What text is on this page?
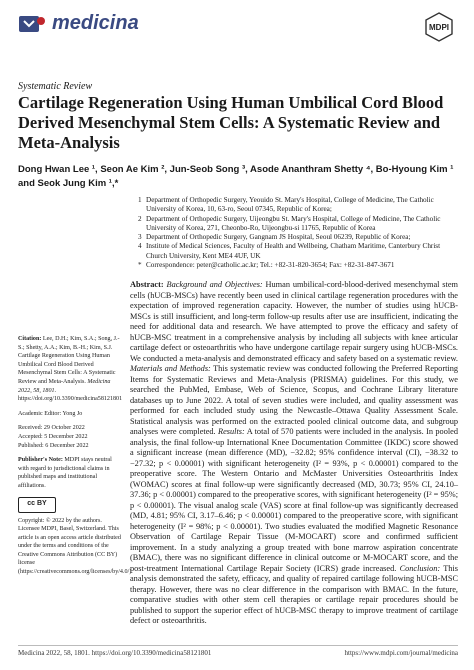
medicina	MDPI
Systematic Review
Cartilage Regeneration Using Human Umbilical Cord Blood Derived Mesenchymal Stem Cells: A Systematic Review and Meta-Analysis

Dong Hwan Lee ¹, Seon Ae Kim ², Jun-Seob Song ³, Asode Ananthram Shetty ⁴, Bo-Hyoung Kim ¹
and Seok Jung Kim ¹,*

1 Department of Orthopedic Surgery, Yeouido St. Mary's Hospital, College of Medicine, The Catholic University of Korea, 10, 63-ro, Seoul 07345, Republic of Korea;
2 Department of Orthopedic Surgery, Uijeongbu St. Mary's Hospital, College of Medicine, The Catholic University of Korea, 271, Cheonbo-Ro, Uijeongbu-si 11765, Republic of Korea
3 Department of Orthopedic Surgery, Gangnam JS Hospital, Seoul 06239, Republic of Korea;
4 Institute of Medical Sciences, Faculty of Health and Wellbeing, Chatham Maritime, Canterbury Christ Church University, Kent ME4 4UF, UK
* Correspondence: peter@catholic.ac.kr; Tel.: +82-31-820-3654; Fax: +82-31-847-3671

Abstract: Background and Objectives: Human umbilical-cord-blood-derived mesenchymal stem cells (hUCB-MSCs) have recently been used in clinical cartilage regeneration procedures with the expectation of improved regeneration capacity. However, the number of studies using hUCB-MSCs is still insufficient, and long-term follow-up results after use are insufficient, indicating the need for additional data and research. We have attempted to prove the efficacy and safety of hUCB-MSC treatment in a comprehensive analysis by including all subjects with knee articular cartilage defect or osteoarthritis who have undergone cartilage repair surgery using hUCB-MSCs. We conducted a meta-analysis and demonstrated efficacy and safety based on a systematic review. Materials and Methods: This systematic review was conducted following the Preferred Reporting Items for Systematic Reviews and Meta-Analysis (PRISMA) guidelines. For this study, we searched the PubMed, Embase, Web of Science, Scopus, and Cochrane Library literature databases up to June 2022. A total of seven studies were included, and quality assessment was performed for each included study using the Newcastle–Ottawa Quality Assessment Scale. Statistical analysis was performed on the extracted pooled clinical outcome data, and subgroup analyses were completed. Results: A total of 570 patients were included in the analysis. In pooled analysis, the final follow-up International Knee Documentation Committee (IKDC) score showed a significant increase (mean difference (MD), −32.82; 95% confidence interval (CI), −38.32 to −27.32; p < 0.00001) with significant heterogeneity (I² = 93%, p < 0.00001) compared to the preoperative score. The Western Ontario and McMaster Universities Osteoarthritis Index (WOMAC) scores at final follow-up were significantly decreased (MD, 30.73; 95% CI, 24.10–37.36; p < 0.00001) compared to the preoperative scores, with significant heterogeneity (I² = 95%; p < 0.00001). The visual analog scale (VAS) score at final follow-up was significantly decreased (MD, 4.81; 95% CI, 3.17–6.46; p < 0.00001) compared to the preoperative score, with significant heterogeneity (I² = 98%; p < 0.00001). Two studies evaluated the modified Magnetic Resonance Observation of Cartilage Repair Tissue (M-MOCART) score and confirmed sufficient improvement. In a study analyzing a group treated with bone marrow aspiration concentrate (BMAC), there was no significant difference in clinical outcome or M-MOCART score, and the post-treatment International Cartilage Repair Society (ICRS) grade increased. Conclusion: This analysis demonstrated the safety, efficacy, and quality of repaired cartilage following hUCB-MSC therapy. However, there was no clear difference in the comparison with BMAC. In the future, comparative studies with other stem cell therapies or cartilage repair procedures should be published to support the superior effect of hUCB-MSC therapy to improve treatment of cartilage defect or osteoarthritis.

Citation: Lee, D.H.; Kim, S.A.; Song, J.-S.; Shetty, A.A.; Kim, B.-H.; Kim, S.J. Cartilage Regeneration Using Human Umbilical Cord Blood Derived Mesenchymal Stem Cells: A Systematic Review and Meta-Analysis. Medicina 2022, 58, 1801. https://doi.org/10.3390/medicina58121801

Academic Editor: Yong Jo

Received: 29 October 2022
Accepted: 5 December 2022
Published: 6 December 2022

Publisher's Note: MDPI stays neutral with regard to jurisdictional claims in published maps and institutional affiliations.

cc BY

Copyright: © 2022 by the authors. Licensee MDPI, Basel, Switzerland. This article is an open access article distributed under the terms and conditions of the Creative Commons Attribution (CC BY) license (https://creativecommons.org/licenses/by/4.0/).

Medicina 2022, 58, 1801. https://doi.org/10.3390/medicina58121801	https://www.mdpi.com/journal/medicina
